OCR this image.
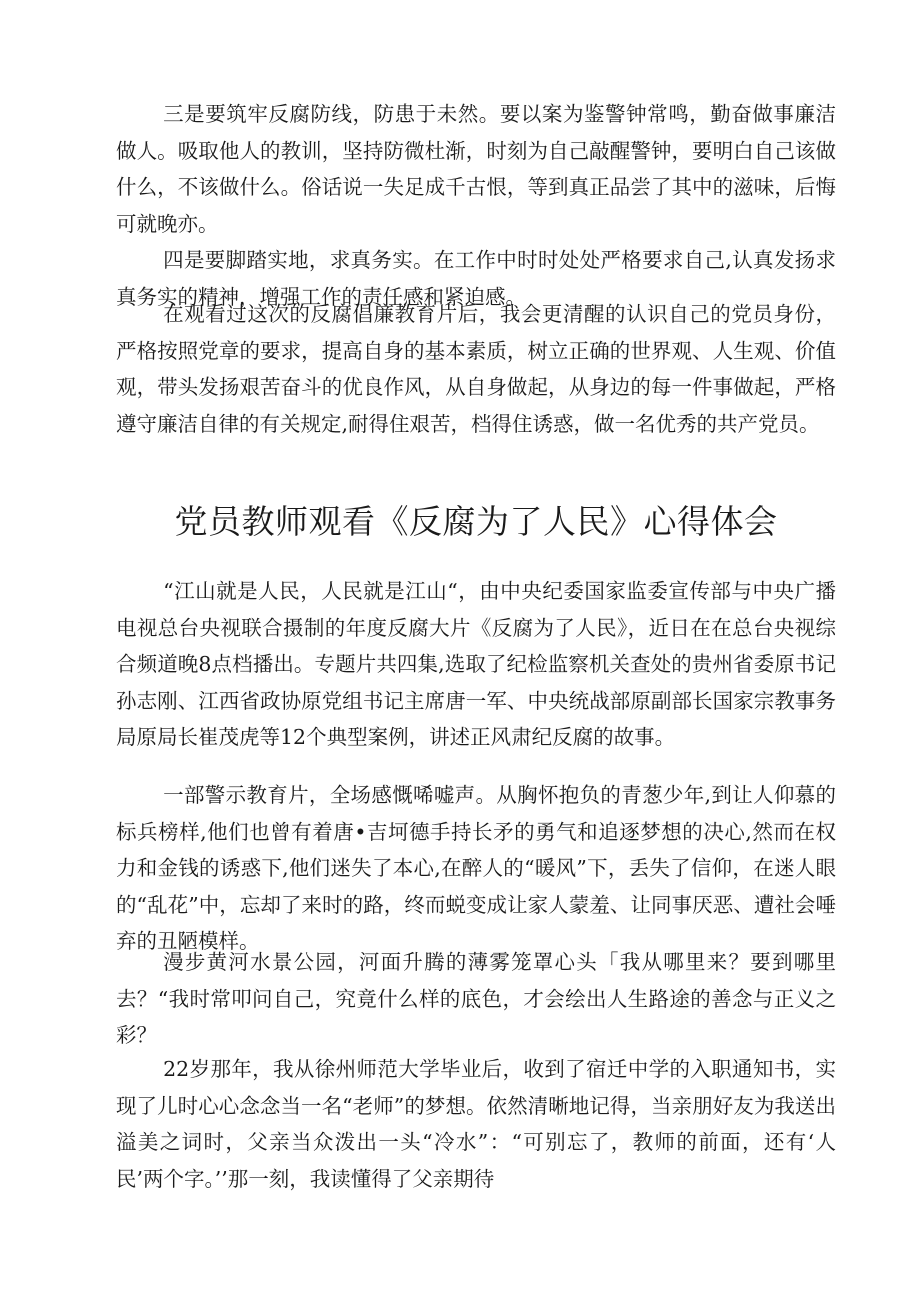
三是要筑牢反腐防线，防患于未然。要以案为鉴警钟常鸣，勤奋做事廉洁做人。吸取他人的教训，坚持防微杜渐，时刻为自己敲醒警钟，要明白自己该做什么，不该做什么。俗话说一失足成千古恨，等到真正品尝了其中的滋味，后悔可就晚亦。

四是要脚踏实地，求真务实。在工作中时时处处严格要求自己,认真发扬求真务实的精神，增强工作的责任感和紧迫感。

在观看过这次的反腐倡廉教育片后，我会更清醒的认识自己的党员身份，严格按照党章的要求，提高自身的基本素质，树立正确的世界观、人生观、价值观，带头发扬艰苦奋斗的优良作风，从自身做起，从身边的每一件事做起，严格遵守廉洁自律的有关规定,耐得住艰苦，档得住诱惑，做一名优秀的共产党员。

党员教师观看《反腐为了人民》心得体会

“江山就是人民，人民就是江山“，由中央纪委国家监委宣传部与中央广播电视总台央视联合摄制的年度反腐大片《反腐为了人民》，近日在在总台央视综合频道晚8点档播出。专题片共四集,选取了纪检监察机关查处的贵州省委原书记孙志刚、江西省政协原党组书记主席唐一军、中央统战部原副部长国家宗教事务局原局长崔茂虎等12个典型案例，讲述正风肃纪反腐的故事。

一部警示教育片，全场感慨唏嘘声。从胸怀抱负的青葱少年,到让人仰慕的标兵榜样,他们也曾有着唐•吉坷德手持长矛的勇气和追逐梦想的决心,然而在权力和金钱的诱惑下,他们迷失了本心,在醉人的“暖风”下，丢失了信仰，在迷人眼的“乱花”中，忘却了来时的路，终而蜕变成让家人蒙羞、让同事厌恶、遭社会唾弃的丑陋模样。

漫步黄河水景公园，河面升腾的薄雾笼罩心头「我从哪里来？要到哪里去？“我时常叩问自己，究竟什么样的底色，才会绘出人生路途的善念与正义之彩？

22岁那年，我从徐州师范大学毕业后，收到了宿迁中学的入职通知书，实现了儿时心心念念当一名“老师”的梦想。依然清晰地记得，当亲朋好友为我送出溢美之词时，父亲当众泼出一头“冷水”：“可别忘了，教师的前面，还有‘人民’两个字。’’那一刻，我读懂得了父亲期待
